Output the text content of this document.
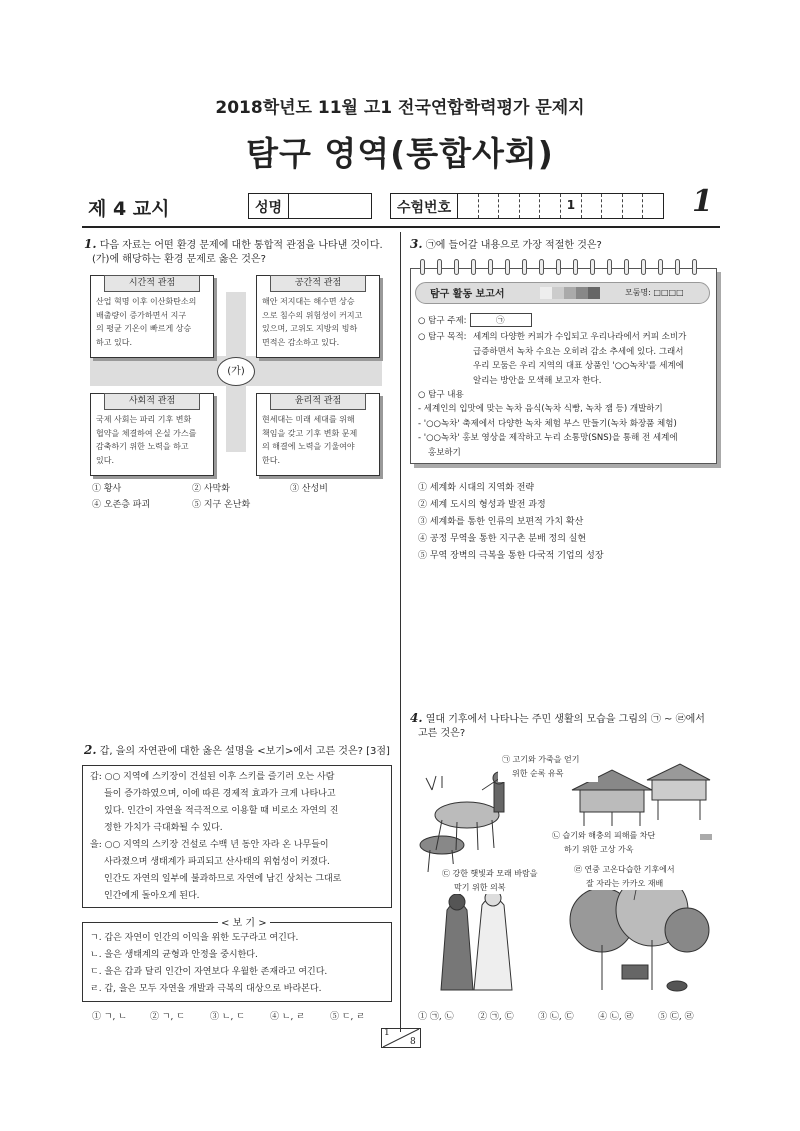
2018학년도 11월 고1 전국연합학력평가 문제지
탐구 영역(통합사회)
제 4 교시	성명	수험번호	1	1
1. 다음 자료는 어떤 환경 문제에 대한 통합적 관점을 나타낸 것이다.
(가)에 해당하는 환경 문제로 옳은 것은?
시간적 관점
산업 혁명 이후 이산화탄소의
배출량이 증가하면서 지구
의 평균 기온이 빠르게 상승
하고 있다.
공간적 관점
해안 저지대는 해수면 상승
으로 침수의 위험성이 커지고
있으며, 고위도 지방의 빙하
면적은 감소하고 있다.
사회적 관점
국제 사회는 파리 기후 변화
협약을 체결하여 온실 가스를
감축하기 위한 노력을 하고
있다.
윤리적 관점
현세대는 미래 세대를 위해
책임을 갖고 기후 변화 문제
의 해결에 노력을 기울여야
한다.
(가)
① 황사	② 사막화	③ 산성비
④ 오존층 파괴	⑤ 지구 온난화
2. 갑, 을의 자연관에 대한 옳은 설명을 <보기>에서 고른 것은? [3점]
갑: ○○ 지역에 스키장이 건설된 이후 스키를 즐기러 오는 사람
들이 증가하였으며, 이에 따른 경제적 효과가 크게 나타나고
있다. 인간이 자연을 적극적으로 이용할 때 비로소 자연의 진
정한 가치가 극대화될 수 있다.
을: ○○ 지역의 스키장 건설로 수백 년 동안 자라 온 나무들이
사라졌으며 생태계가 파괴되고 산사태의 위험성이 커졌다.
인간도 자연의 일부에 불과하므로 자연에 남긴 상처는 그대로
인간에게 돌아오게 된다.
< 보 기 >
ㄱ. 갑은 자연이 인간의 이익을 위한 도구라고 여긴다.
ㄴ. 을은 생태계의 균형과 안정을 중시한다.
ㄷ. 을은 갑과 달리 인간이 자연보다 우월한 존재라고 여긴다.
ㄹ. 갑, 을은 모두 자연을 개발과 극복의 대상으로 바라본다.
① ㄱ, ㄴ	② ㄱ, ㄷ	③ ㄴ, ㄷ	④ ㄴ, ㄹ	⑤ ㄷ, ㄹ
3. ㉠에 들어갈 내용으로 가장 적절한 것은?
탐구 활동 보고서	모둠명: □□□□
○ 탐구 주제:	㉠
○ 탐구 목적: 세계의 다양한 커피가 수입되고 우리나라에서 커피 소비가
급증하면서 녹차 수요는 오히려 감소 추세에 있다. 그래서
우리 모둠은 우리 지역의 대표 상품인 '○○녹차'를 세계에
알리는 방안을 모색해 보고자 한다.
○ 탐구 내용
- 세계인의 입맛에 맞는 녹차 음식(녹차 식빵, 녹차 잼 등) 개발하기
- '○○녹차' 축제에서 다양한 녹차 체험 부스 만들기(녹차 화장품 체험)
- '○○녹차' 홍보 영상을 제작하고 누리 소통망(SNS)을 통해 전 세계에
홍보하기
① 세계화 시대의 지역화 전략
② 세계 도시의 형성과 발전 과정
③ 세계화를 통한 인류의 보편적 가치 확산
④ 공정 무역을 통한 지구촌 분배 정의 실현
⑤ 무역 장벽의 극복을 통한 다국적 기업의 성장
4. 열대 기후에서 나타나는 주민 생활의 모습을 그림의 ㉠ ~ ㉣에서
고른 것은?
㉠ 고기와 가죽을 얻기
위한 순록 유목
㉡ 습기와 해충의 피해를 차단
하기 위한 고상 가옥
㉢ 강한 햇빛과 모래 바람을
막기 위한 의복
㉣ 연중 고온다습한 기후에서
잘 자라는 카카오 재배
① ㉠, ㉡	② ㉠, ㉢	③ ㉡, ㉢	④ ㉡, ㉣	⑤ ㉢, ㉣
1
8
